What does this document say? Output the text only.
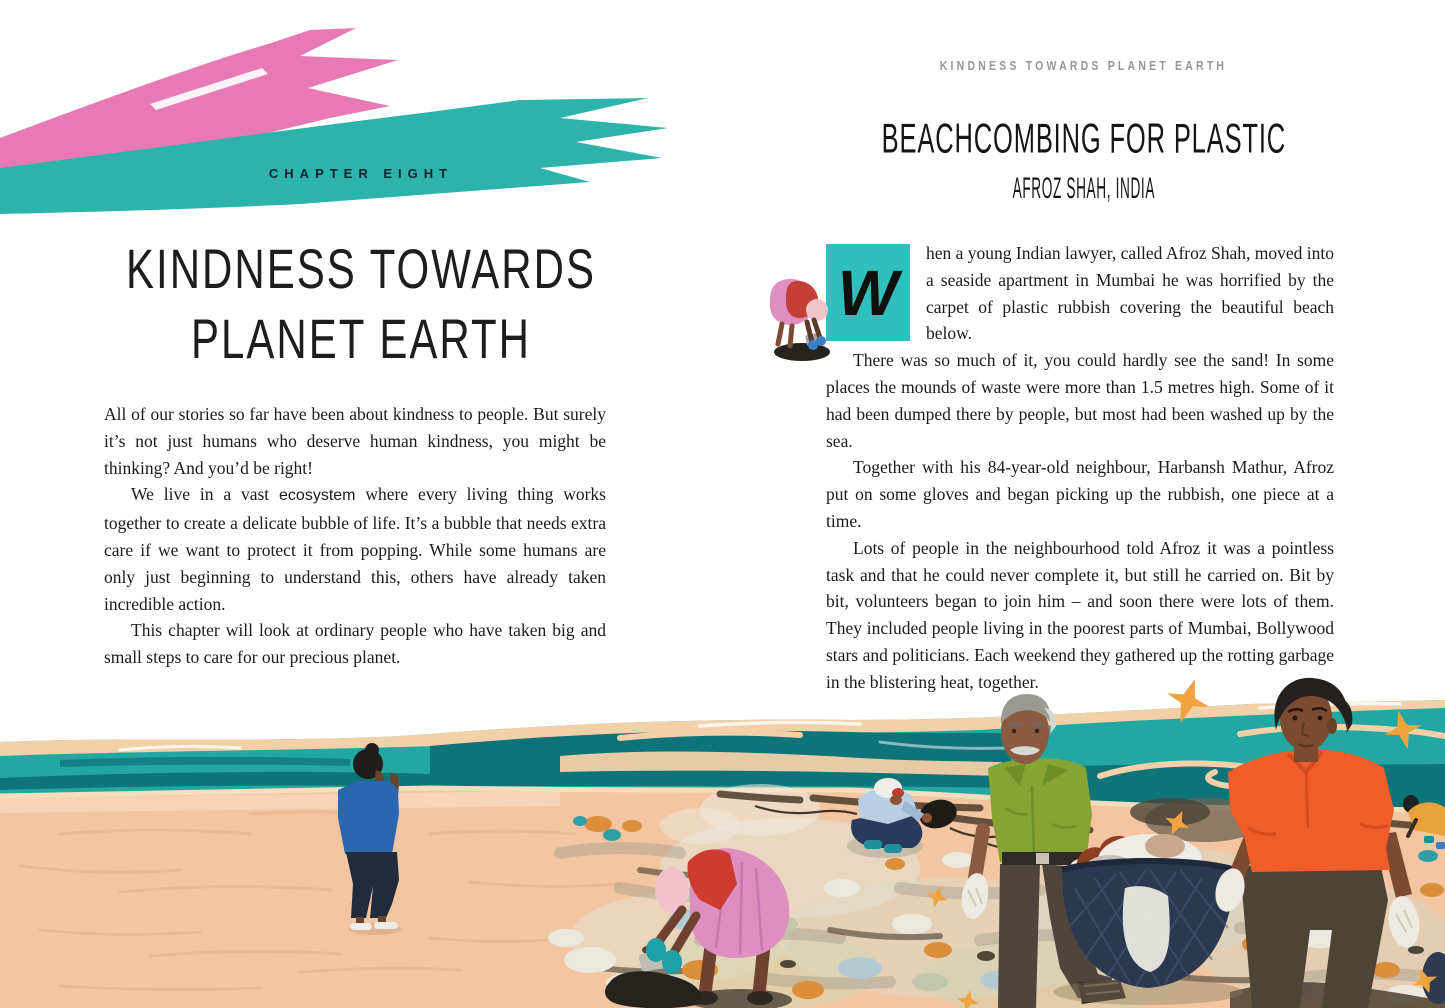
CHAPTER EIGHT
KINDNESS TOWARDS
PLANET EARTH

All of our stories so far have been about kindness to people. But surely it’s not just humans who deserve human kindness, you might be thinking? And you’d be right!

We live in a vast ecosystem where every living thing works together to create a delicate bubble of life. It’s a bubble that needs extra care if we want to protect it from popping. While some humans are only just beginning to understand this, others have already taken incredible action.

This chapter will look at ordinary people who have taken big and small steps to care for our precious planet.

KINDNESS TOWARDS PLANET EARTH
BEACHCOMBING FOR PLASTIC
AFROZ SHAH, INDIA

W
hen a young Indian lawyer, called Afroz Shah, moved into a seaside apartment in Mumbai he was horrified by the carpet of plastic rubbish covering the beautiful beach below.

There was so much of it, you could hardly see the sand! In some places the mounds of waste were more than 1.5 metres high. Some of it had been dumped there by people, but most had been washed up by the sea.

Together with his 84-year-old neighbour, Harbansh Mathur, Afroz put on some gloves and began picking up the rubbish, one piece at a time.

Lots of people in the neighbourhood told Afroz it was a pointless task and that he could never complete it, but still he carried on. Bit by bit, volunteers began to join him – and soon there were lots of them. They included people living in the poorest parts of Mumbai, Bollywood stars and politicians. Each weekend they gathered up the rotting garbage in the blistering heat, together.
